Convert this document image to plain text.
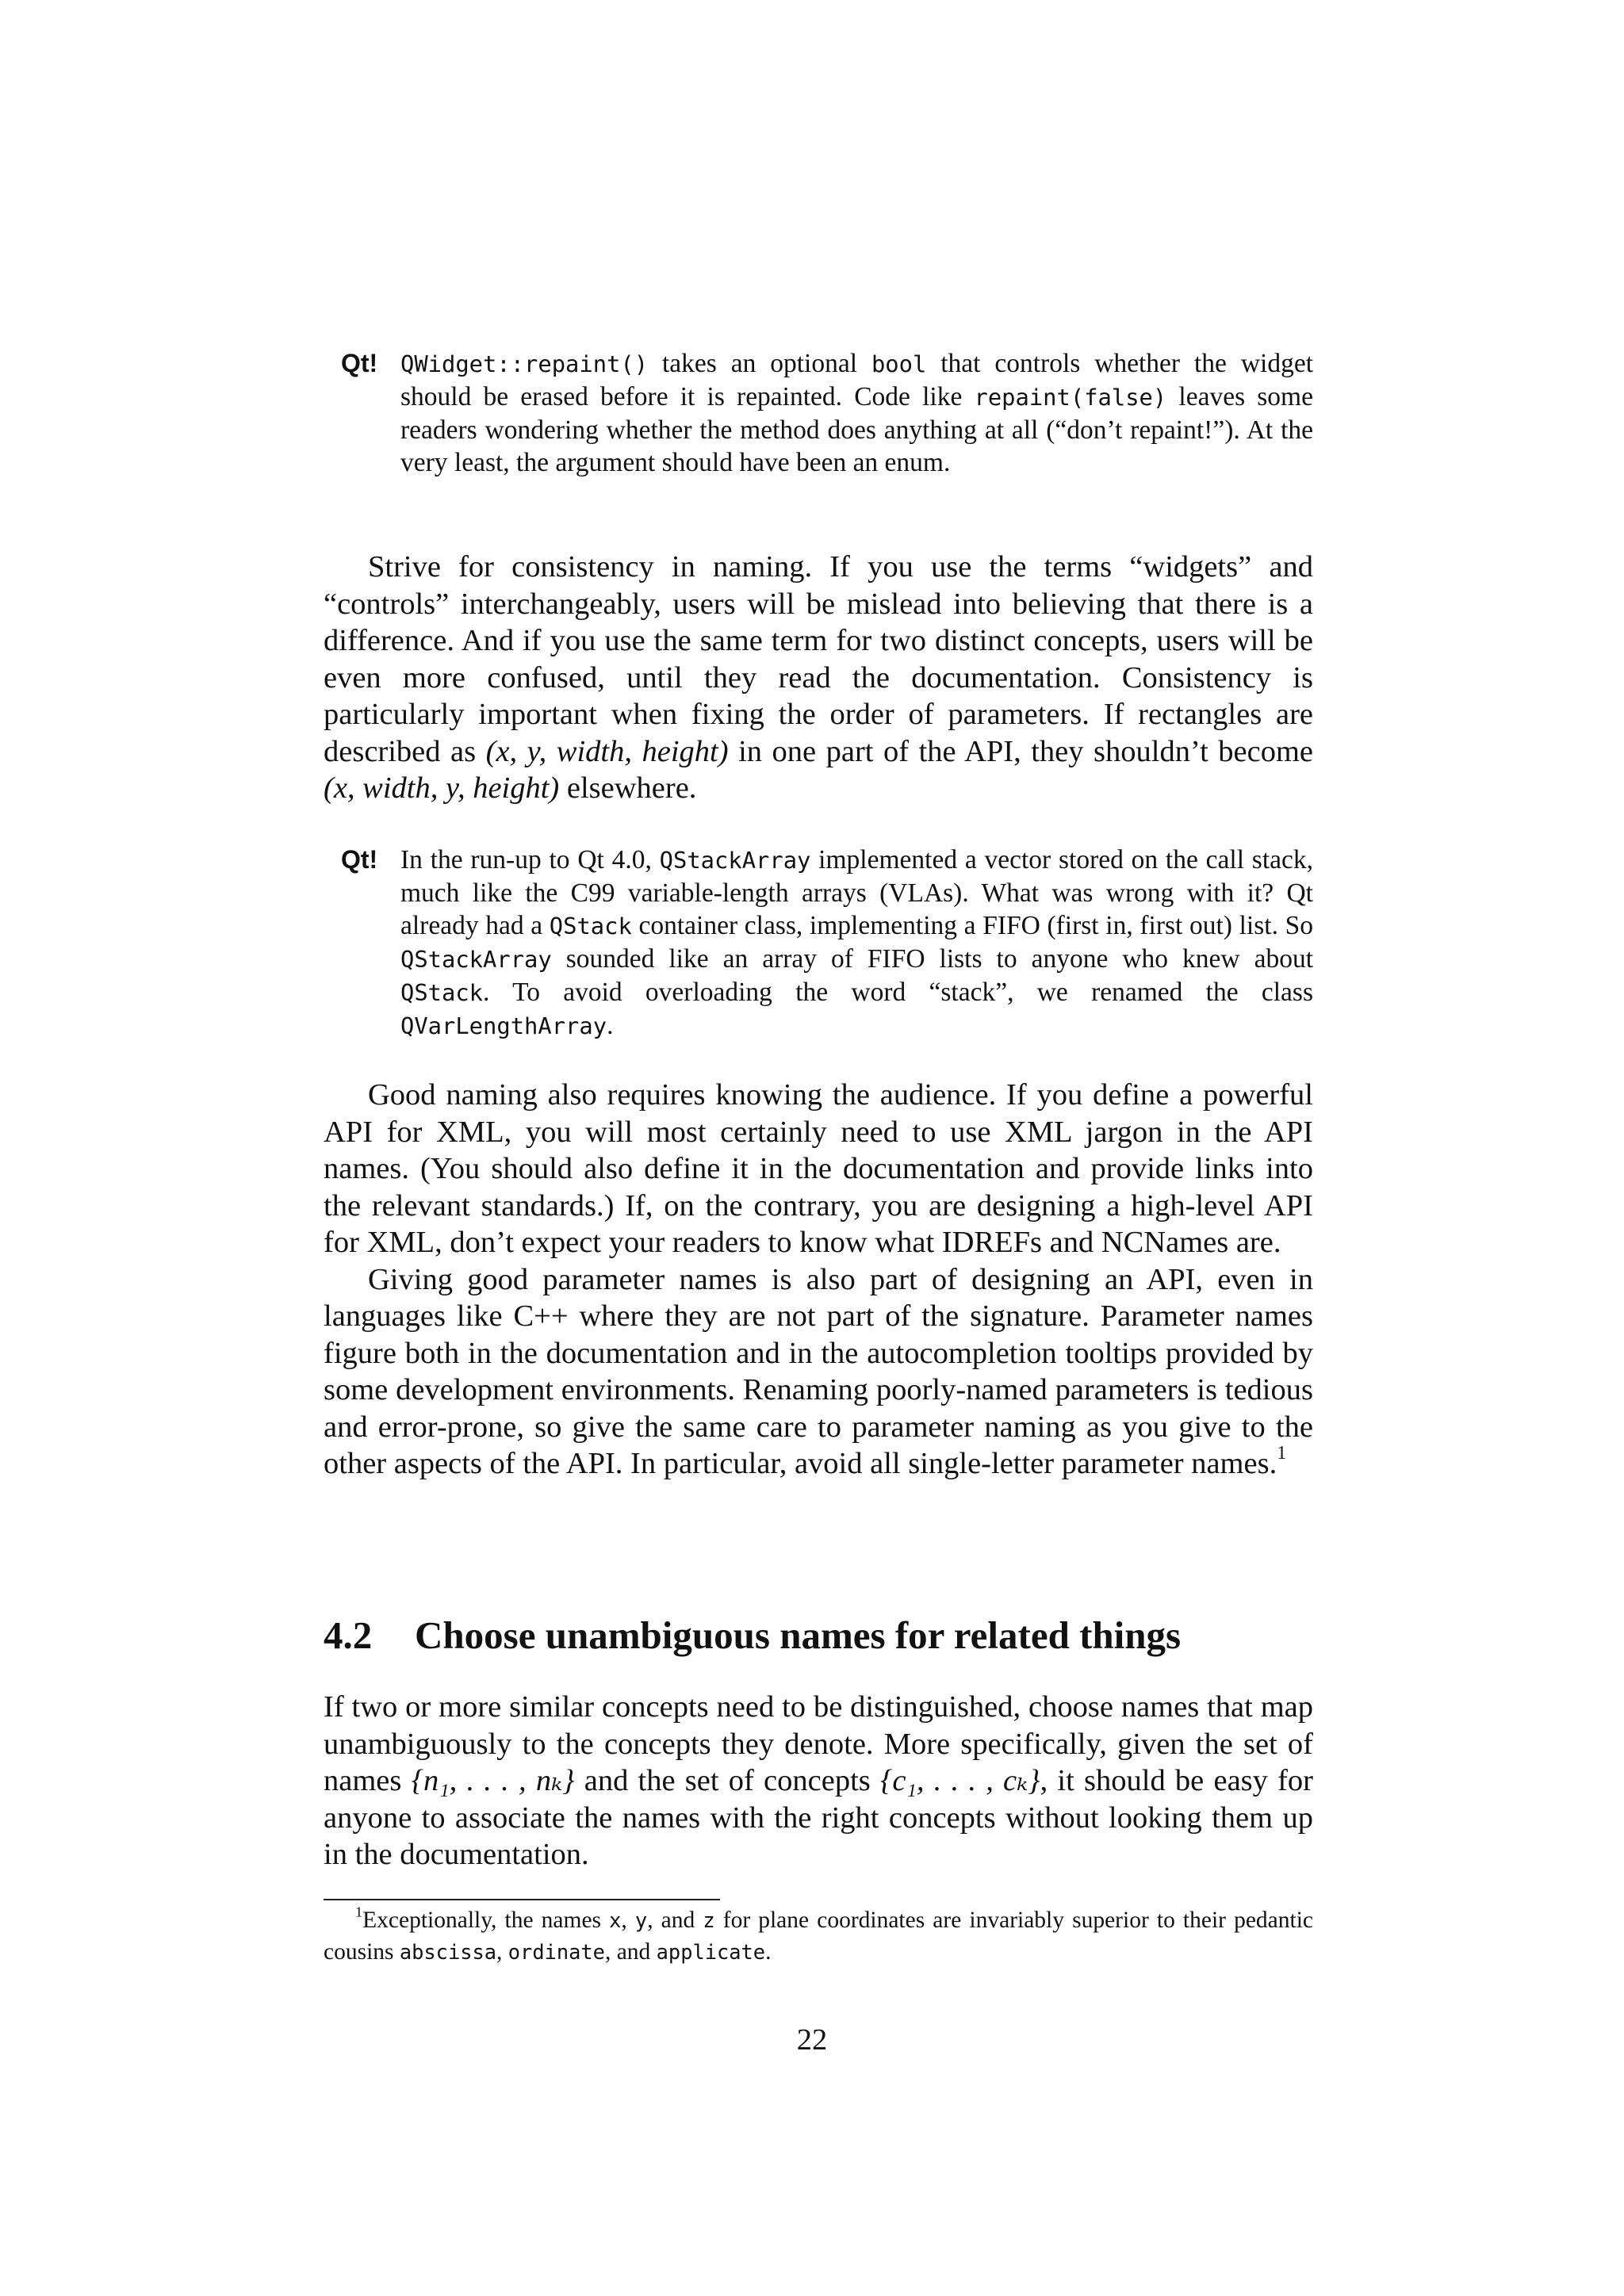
Qt! QWidget::repaint() takes an optional bool that controls whether the widget should be erased before it is repainted. Code like repaint(false) leaves some readers wondering whether the method does anything at all (“don’t repaint!”). At the very least, the argument should have been an enum.

Strive for consistency in naming. If you use the terms “widgets” and “controls” interchangeably, users will be mislead into believing that there is a difference. And if you use the same term for two distinct concepts, users will be even more confused, until they read the documentation. Consistency is particularly important when fixing the order of parameters. If rectangles are described as (x, y, width, height) in one part of the API, they shouldn’t become (x, width, y, height) elsewhere.

Qt! In the run-up to Qt 4.0, QStackArray implemented a vector stored on the call stack, much like the C99 variable-length arrays (VLAs). What was wrong with it? Qt already had a QStack container class, implementing a FIFO (first in, first out) list. So QStackArray sounded like an array of FIFO lists to anyone who knew about QStack. To avoid overloading the word “stack”, we renamed the class QVarLengthArray.

Good naming also requires knowing the audience. If you define a powerful API for XML, you will most certainly need to use XML jargon in the API names. (You should also define it in the documentation and provide links into the relevant standards.) If, on the contrary, you are designing a high-level API for XML, don’t expect your readers to know what IDREFs and NCNames are.

Giving good parameter names is also part of designing an API, even in languages like C++ where they are not part of the signature. Parameter names figure both in the documentation and in the autocompletion tooltips provided by some development environments. Renaming poorly-named parameters is tedious and error-prone, so give the same care to parameter naming as you give to the other aspects of the API. In particular, avoid all single-letter parameter names.$^1$

4.2 Choose unambiguous names for related things

If two or more similar concepts need to be distinguished, choose names that map unambiguously to the concepts they denote. More specifically, given the set of names {n₁, . . . , nₖ} and the set of concepts {c₁, . . . , cₖ}, it should be easy for anyone to associate the names with the right concepts without looking them up in the documentation.

$^1$Exceptionally, the names x, y, and z for plane coordinates are invariably superior to their pedantic cousins abscissa, ordinate, and applicate.

22
